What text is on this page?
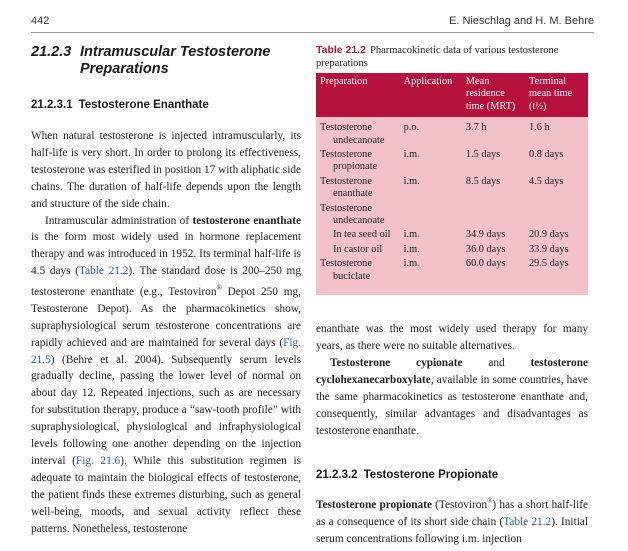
442	E. Nieschlag and H. M. Behre
21.2.3 Intramuscular Testosterone
Preparations
21.2.3.1 Testosterone Enanthate

When natural testosterone is injected intramuscularly, its half-life is very short. In order to prolong its effectiveness, testosterone was esterified in position 17 with aliphatic side chains. The duration of half-life depends upon the length and structure of the side chain.

Intramuscular administration of testosterone enanthate is the form most widely used in hormone replacement therapy and was introduced in 1952. Its terminal half-life is 4.5 days (Table 21.2). The standard dose is 200–250 mg testosterone enanthate (e.g., Testoviron® Depot 250 mg, Testosterone Depot). As the pharmacokinetics show, supraphysiological serum testosterone concentrations are rapidly achieved and are maintained for several days (Fig. 21.5) (Behre et al. 2004). Subsequently serum levels gradually decline, passing the lower level of normal on about day 12. Repeated injections, such as are necessary for substitution therapy, produce a “saw-tooth profile” with supraphysiological, physiological and infraphysiological levels following one another depending on the injection interval (Fig. 21.6). While this substitution regimen is adequate to maintain the biological effects of testosterone, the patient finds these extremes disturbing, such as general well-being, moods, and sexual activity reflect these patterns. Nonetheless, testosterone

Table 21.2 Pharmacokinetic data of various testosterone preparations

Preparation	Application	Mean residence time (MRT)	Terminal mean time (t½)
Testosterone
undecanoate	p.o.	3.7 h	1.6 h
Testosterone
propionate	i.m.	1.5 days	0.8 days
Testosterone
enanthate	i.m.	8.5 days	4.5 days
Testosterone
undecanoate			

In tea seed oil	i.m.	34.9 days	20.9 days

In castor oil	i.m.	36.0 days	33.9 days
Testosterone
buciclate	i.m.	60.0 days	29.5 days

enanthate was the most widely used therapy for many years, as there were no suitable alternatives.

Testosterone cypionate and testosterone cyclohexanecarboxylate, available in some countries, have the same pharmacokinetics as testosterone enanthate and, consequently, similar advantages and disadvantages as testosterone enanthate.

21.2.3.2 Testosterone Propionate

Testosterone propionate (Testoviron®) has a short half-life as a consequence of its short side chain (Table 21.2). Initial serum concentrations following i.m. injection
